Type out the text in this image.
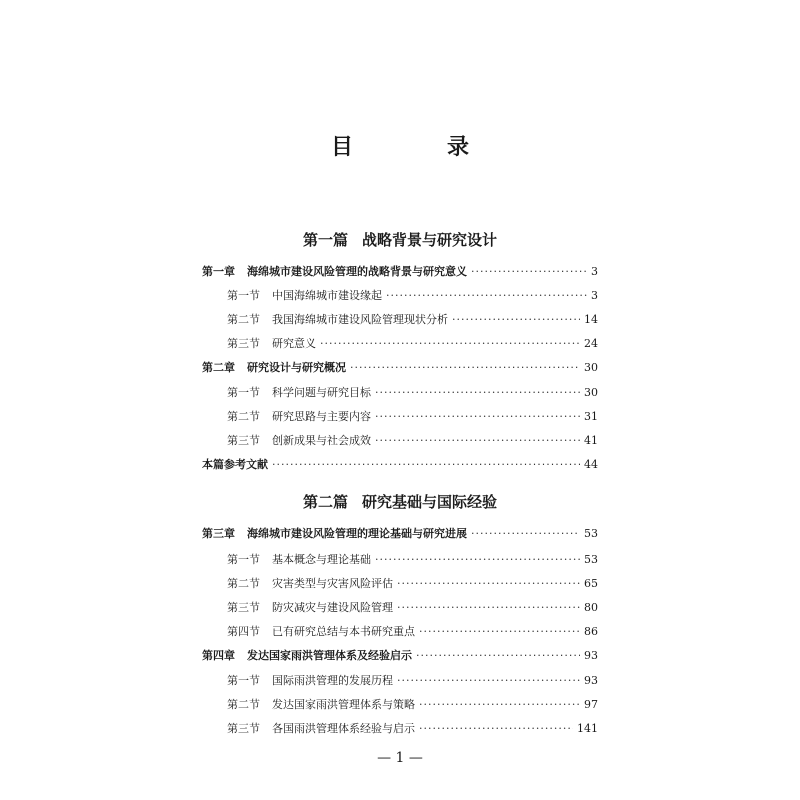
目　录
第一篇 战略背景与研究设计
第一章 海绵城市建设风险管理的战略背景与研究意义 ·····	3
第一节 中国海绵城市建设缘起 ·····	3
第二节 我国海绵城市建设风险管理现状分析 ·····	14
第三节 研究意义 ·····	24
第二章 研究设计与研究概况 ·····	30
第一节 科学问题与研究目标 ·····	30
第二节 研究思路与主要内容 ·····	31
第三节 创新成果与社会成效 ·····	41
本篇参考文献 ·····	44
第二篇 研究基础与国际经验
第三章 海绵城市建设风险管理的理论基础与研究进展 ·····	53
第一节 基本概念与理论基础 ·····	53
第二节 灾害类型与灾害风险评估 ·····	65
第三节 防灾减灾与建设风险管理 ·····	80
第四节 已有研究总结与本书研究重点 ·····	86
第四章 发达国家雨洪管理体系及经验启示 ·····	93
第一节 国际雨洪管理的发展历程 ·····	93
第二节 发达国家雨洪管理体系与策略 ·····	97
第三节 各国雨洪管理体系经验与启示 ·····	141
— 1 —
